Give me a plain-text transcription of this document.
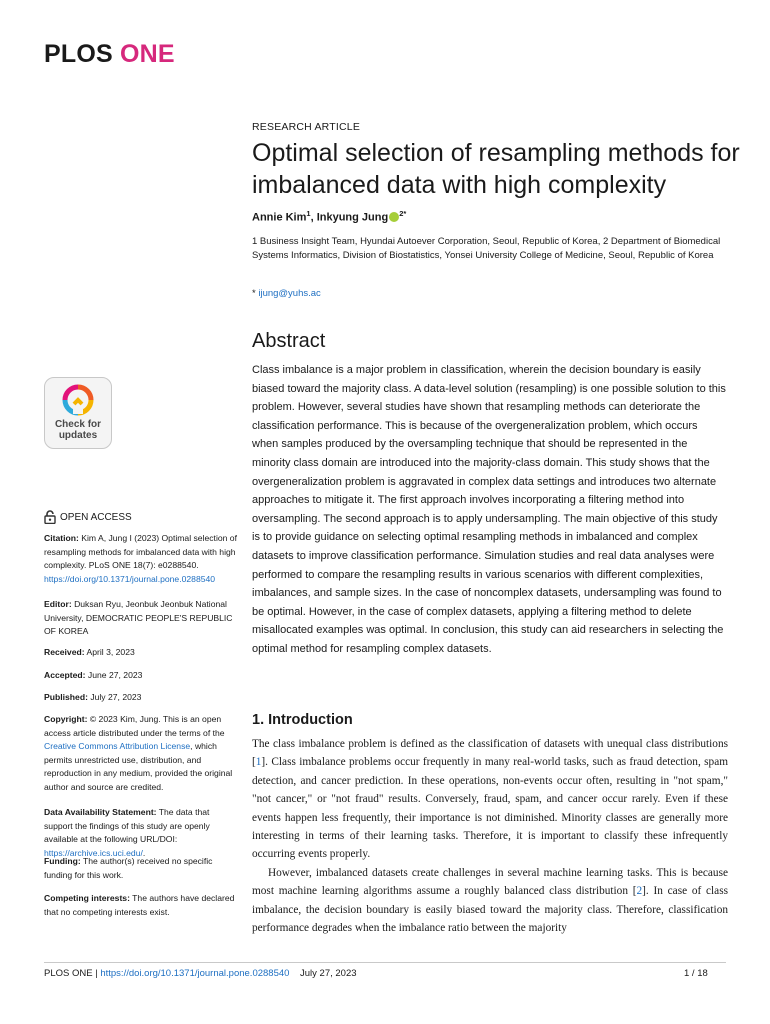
PLOS ONE
RESEARCH ARTICLE
Optimal selection of resampling methods for imbalanced data with high complexity
Annie Kim$^1$, Inkyung Jung $^{2*}$
1 Business Insight Team, Hyundai Autoever Corporation, Seoul, Republic of Korea, 2 Department of Biomedical Systems Informatics, Division of Biostatistics, Yonsei University College of Medicine, Seoul, Republic of Korea
* ijung@yuhs.ac
Abstract
Class imbalance is a major problem in classification, wherein the decision boundary is easily biased toward the majority class. A data-level solution (resampling) is one possible solution to this problem. However, several studies have shown that resampling methods can deteriorate the classification performance. This is because of the overgeneralization problem, which occurs when samples produced by the oversampling technique that should be represented in the minority class domain are introduced into the majority-class domain. This study shows that the overgeneralization problem is aggravated in complex data settings and introduces two alternate approaches to mitigate it. The first approach involves incorporating a filtering method into oversampling. The second approach is to apply undersampling. The main objective of this study is to provide guidance on selecting optimal resampling methods in imbalanced and complex datasets to improve classification performance. Simulation studies and real data analyses were performed to compare the resampling results in various scenarios with different complexities, imbalances, and sample sizes. In the case of noncomplex datasets, undersampling was found to be optimal. However, in the case of complex datasets, applying a filtering method to delete misallocated examples was optimal. In conclusion, this study can aid researchers in selecting the optimal method for resampling complex datasets.
Check for
updates
OPEN ACCESS
Citation: Kim A, Jung I (2023) Optimal selection of resampling methods for imbalanced data with high complexity. PLoS ONE 18(7): e0288540. https://doi.org/10.1371/journal.pone.0288540
Editor: Duksan Ryu, Jeonbuk Jeonbuk National University, DEMOCRATIC PEOPLE'S REPUBLIC OF KOREA
Received: April 3, 2023
Accepted: June 27, 2023
Published: July 27, 2023
Copyright: © 2023 Kim, Jung. This is an open access article distributed under the terms of the Creative Commons Attribution License, which permits unrestricted use, distribution, and reproduction in any medium, provided the original author and source are credited.
Data Availability Statement: The data that support the findings of this study are openly available at the following URL/DOI: https://archive.ics.uci.edu/.
Funding: The author(s) received no specific funding for this work.
Competing interests: The authors have declared that no competing interests exist.
1. Introduction

The class imbalance problem is defined as the classification of datasets with unequal class distributions [1]. Class imbalance problems occur frequently in many real-world tasks, such as fraud detection, spam detection, and cancer prediction. In these operations, non-events occur often, resulting in "not spam," "not cancer," or "not fraud" results. Conversely, fraud, spam, and cancer occur rarely. Even if these events happen less frequently, their importance is not diminished. Minority classes are generally more interesting in terms of their learning tasks. Therefore, it is important to classify these infrequently occurring events properly.

However, imbalanced datasets create challenges in several machine learning tasks. This is because most machine learning algorithms assume a roughly balanced class distribution [2]. In case of class imbalance, the decision boundary is easily biased toward the majority class. Therefore, classification performance degrades when the imbalance ratio between the majority

PLOS ONE | https://doi.org/10.1371/journal.pone.0288540 July 27, 2023	1 / 18
